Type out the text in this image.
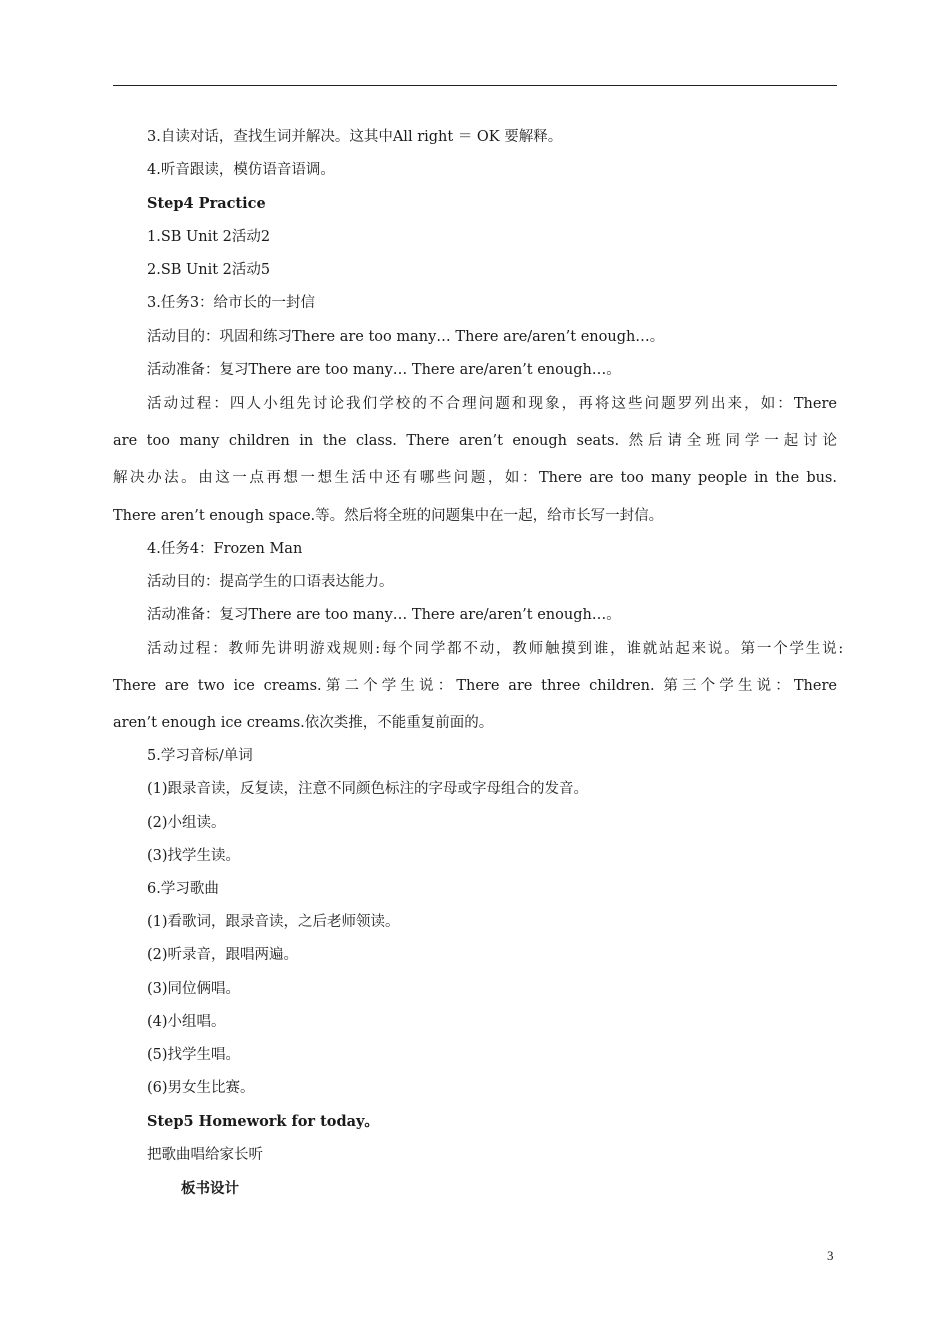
3.自读对话，查找生词并解决。这其中All right ＝ OK 要解释。
4.听音跟读，模仿语音语调。
Step4 Practice
1.SB Unit 2活动2
2.SB Unit 2活动5
3.任务3：给市长的一封信
活动目的：巩固和练习There are too many… There are/aren’t enough…。
活动准备：复习There are too many… There are/aren’t enough…。
活动过程：四人小组先讨论我们学校的不合理问题和现象，再将这些问题罗列出来，如：There
are too many children in the class. There aren’t enough seats. 然后请全班同学一起讨论
解决办法。由这一点再想一想生活中还有哪些问题，如：There are too many people in the bus.
There aren’t enough space.等。然后将全班的问题集中在一起，给市长写一封信。
4.任务4：Frozen Man
活动目的：提高学生的口语表达能力。
活动准备：复习There are too many… There are/aren’t enough…。
活动过程：教师先讲明游戏规则:每个同学都不动，教师触摸到谁，谁就站起来说。第一个学生说:
There are two ice creams.第二个学生说：There are three children. 第三个学生说：There
aren’t enough ice creams.依次类推，不能重复前面的。
5.学习音标/单词
(1)跟录音读，反复读，注意不同颜色标注的字母或字母组合的发音。
(2)小组读。
(3)找学生读。
6.学习歌曲
(1)看歌词，跟录音读，之后老师领读。
(2)听录音，跟唱两遍。
(3)同位俩唱。
(4)小组唱。
(5)找学生唱。
(6)男女生比赛。
Step5 Homework for today。
把歌曲唱给家长听
板书设计
3
